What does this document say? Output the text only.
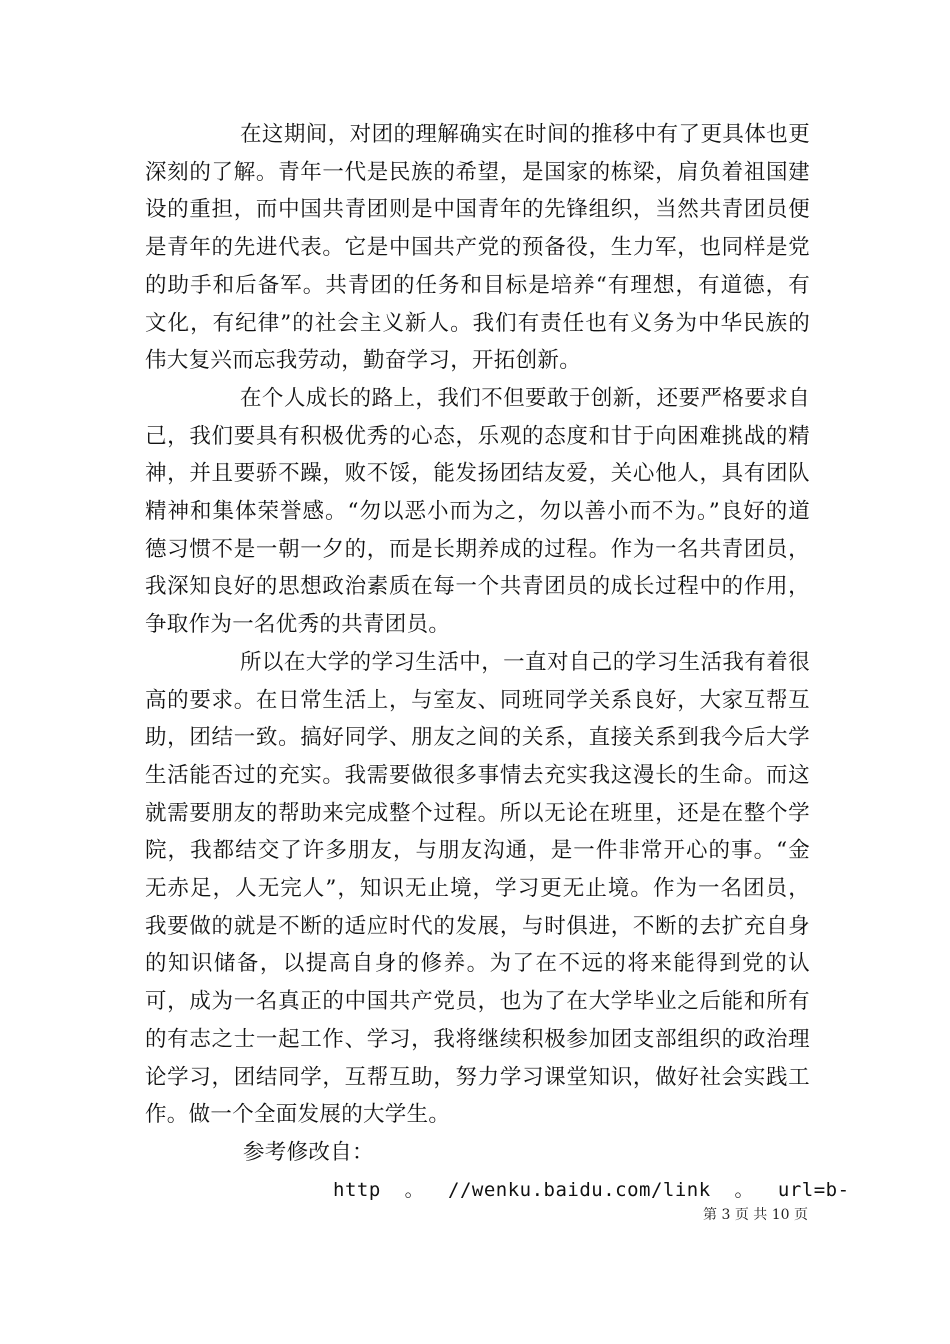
在这期间，对团的理解确实在时间的推移中有了更具体也更深刻的了解。青年一代是民族的希望，是国家的栋梁，肩负着祖国建设的重担，而中国共青团则是中国青年的先锋组织，当然共青团员便是青年的先进代表。它是中国共产党的预备役，生力军，也同样是党的助手和后备军。共青团的任务和目标是培养“有理想，有道德，有文化，有纪律”的社会主义新人。我们有责任也有义务为中华民族的伟大复兴而忘我劳动，勤奋学习，开拓创新。

在个人成长的路上，我们不但要敢于创新，还要严格要求自己，我们要具有积极优秀的心态，乐观的态度和甘于向困难挑战的精神，并且要骄不躁，败不馁，能发扬团结友爱，关心他人，具有团队精神和集体荣誉感。“勿以恶小而为之，勿以善小而不为。”良好的道德习惯不是一朝一夕的，而是长期养成的过程。作为一名共青团员，我深知良好的思想政治素质在每一个共青团员的成长过程中的作用，争取作为一名优秀的共青团员。

所以在大学的学习生活中，一直对自己的学习生活我有着很高的要求。在日常生活上，与室友、同班同学关系良好，大家互帮互助，团结一致。搞好同学、朋友之间的关系，直接关系到我今后大学生活能否过的充实。我需要做很多事情去充实我这漫长的生命。而这就需要朋友的帮助来完成整个过程。所以无论在班里，还是在整个学院，我都结交了许多朋友，与朋友沟通，是一件非常开心的事。“金无赤足，人无完人”，知识无止境，学习更无止境。作为一名团员，我要做的就是不断的适应时代的发展，与时俱进，不断的去扩充自身的知识储备，以提高自身的修养。为了在不远的将来能得到党的认可，成为一名真正的中国共产党员，也为了在大学毕业之后能和所有的有志之士一起工作、学习，我将继续积极参加团支部组织的政治理论学习，团结同学，互帮互助，努力学习课堂知识，做好社会实践工作。做一个全面发展的大学生。

参考修改自：

http  。  //wenku.baidu.com/link  。  url=b-

第 3 页 共 10 页
